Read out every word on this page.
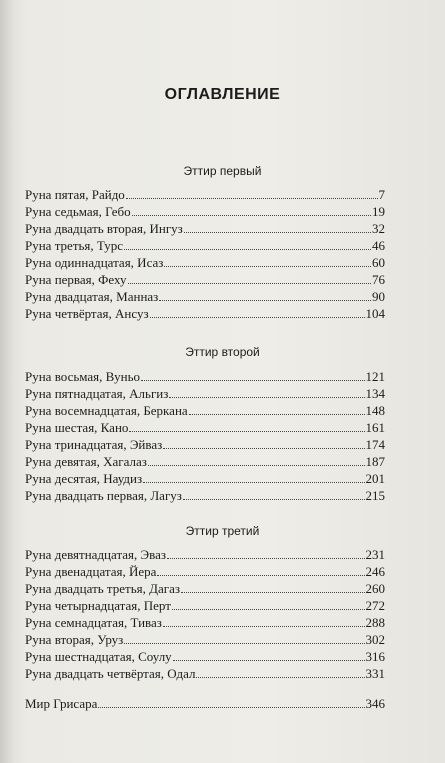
ОГЛАВЛЕНИЕ
Эттир первый
Руна пятая, Райдо	7
Руна седьмая, Гебо	19
Руна двадцать вторая, Ингуз	32
Руна третья, Турс	46
Руна одиннадцатая, Исаз	60
Руна первая, Феху	76
Руна двадцатая, Манназ	90
Руна четвёртая, Ансуз	104
Эттир второй
Руна восьмая, Вуньо	121
Руна пятнадцатая, Альгиз	134
Руна восемнадцатая, Беркана	148
Руна шестая, Кано	161
Руна тринадцатая, Эйваз	174
Руна девятая, Хагалаз	187
Руна десятая, Наудиз	201
Руна двадцать первая, Лагуз	215
Эттир третий
Руна девятнадцатая, Эваз	231
Руна двенадцатая, Йера	246
Руна двадцать третья, Дагаз	260
Руна четырнадцатая, Перт	272
Руна семнадцатая, Тиваз	288
Руна вторая, Уруз	302
Руна шестнадцатая, Соулу	316
Руна двадцать четвёртая, Одал	331
Мир Грисара	346
